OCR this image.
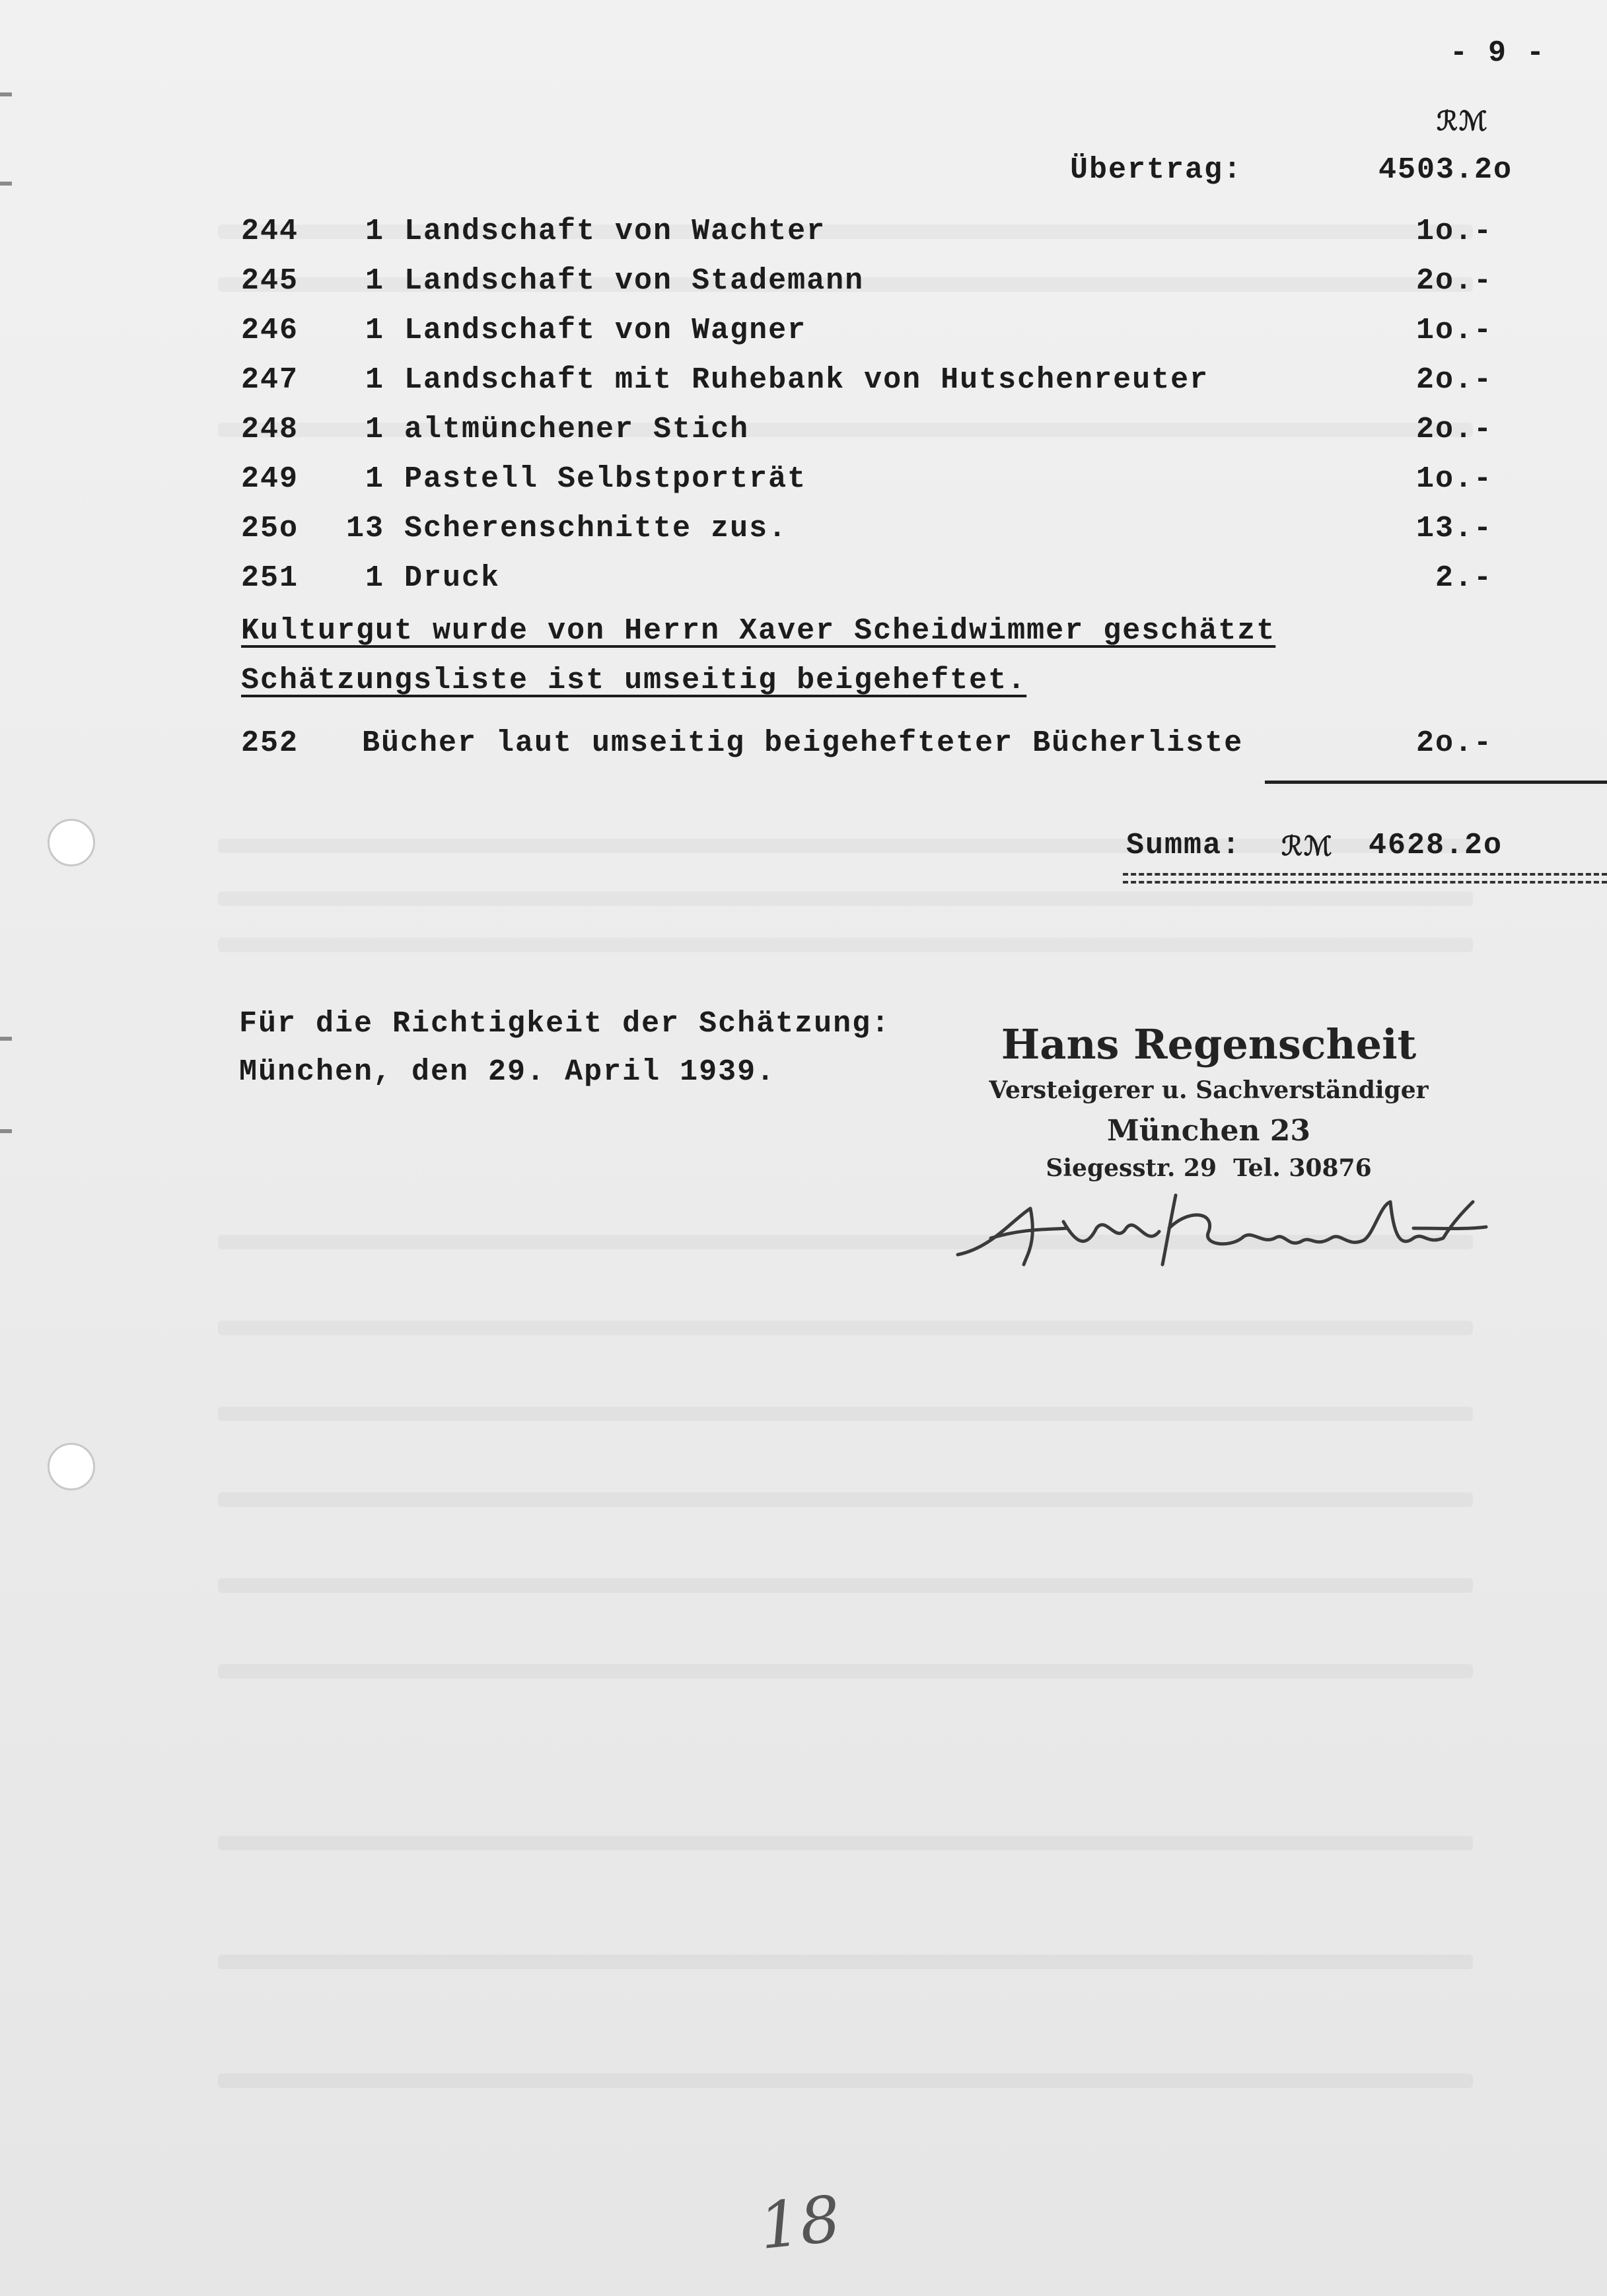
- 9 -
ℛℳ
Übertrag:	4503.2o
244	1 Landschaft von Wachter	1o.-
245	1 Landschaft von Stademann	2o.-
246	1 Landschaft von Wagner	1o.-
247	1 Landschaft mit Ruhebank von Hutschenreuter	2o.-
248	1 altmünchener Stich	2o.-
249	1 Pastell Selbstporträt	1o.-
25o 13 Scherenschnitte zus.	13.-
251	1 Druck	2.-
Kulturgut wurde von Herrn Xaver Scheidwimmer geschätzt
Schätzungsliste ist umseitig beigeheftet.
252 Bücher laut umseitig beigehefteter Bücherliste	2o.-
Summa: ℛℳ	4628.2o
Für die Richtigkeit der Schätzung:
München, den 29. April 1939.
Hans Regenscheit
Versteigerer u. Sachverständiger
München 23
Siegesstr. 29  Tel. 30876
18
